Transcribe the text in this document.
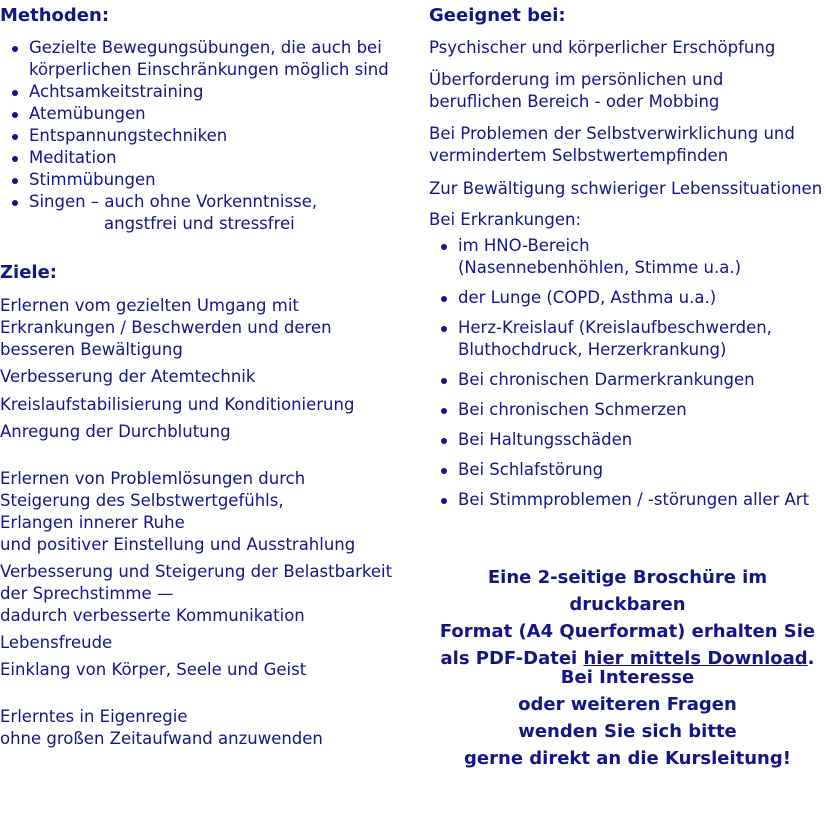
Methoden:
Gezielte Bewegungsübungen, die auch bei körperlichen Einschränkungen möglich sind
Achtsamkeitstraining
Atemübungen
Entspannungstechniken
Meditation
Stimmübungen
Singen – auch ohne Vorkenntnisse,
angstfrei und stressfrei
Ziele:

Erlernen vom gezielten Umgang mit
Erkrankungen / Beschwerden und deren
besseren Bewältigung

Verbesserung der Atemtechnik

Kreislaufstabilisierung und Konditionierung

Anregung der Durchblutung

Erlernen von Problemlösungen durch
Steigerung des Selbstwertgefühls,
Erlangen innerer Ruhe
und positiver Einstellung und Ausstrahlung

Verbesserung und Steigerung der Belastbarkeit
der Sprechstimme —
dadurch verbesserte Kommunikation

Lebensfreude

Einklang von Körper, Seele und Geist

Erlerntes in Eigenregie
ohne großen Zeitaufwand anzuwenden

Geeignet bei:

Psychischer und körperlicher Erschöpfung

Überforderung im persönlichen und
beruflichen Bereich - oder Mobbing

Bei Problemen der Selbstverwirklichung und
vermindertem Selbstwertempfinden

Zur Bewältigung schwieriger Lebenssituationen

Bei Erkrankungen:

im HNO-Bereich
(Nasennebenhöhlen, Stimme u.a.)
der Lunge (COPD, Asthma u.a.)
Herz-Kreislauf (Kreislaufbeschwerden,
Bluthochdruck, Herzerkrankung)
Bei chronischen Darmerkrankungen
Bei chronischen Schmerzen
Bei Haltungsschäden
Bei Schlafstörung
Bei Stimmproblemen / -störungen aller Art
Eine 2-seitige Broschüre im druckbaren
Format (A4 Querformat) erhalten Sie
als PDF-Datei hier mittels Download.
Bei Interesse
oder weiteren Fragen
wenden Sie sich bitte
gerne direkt an die Kursleitung!
